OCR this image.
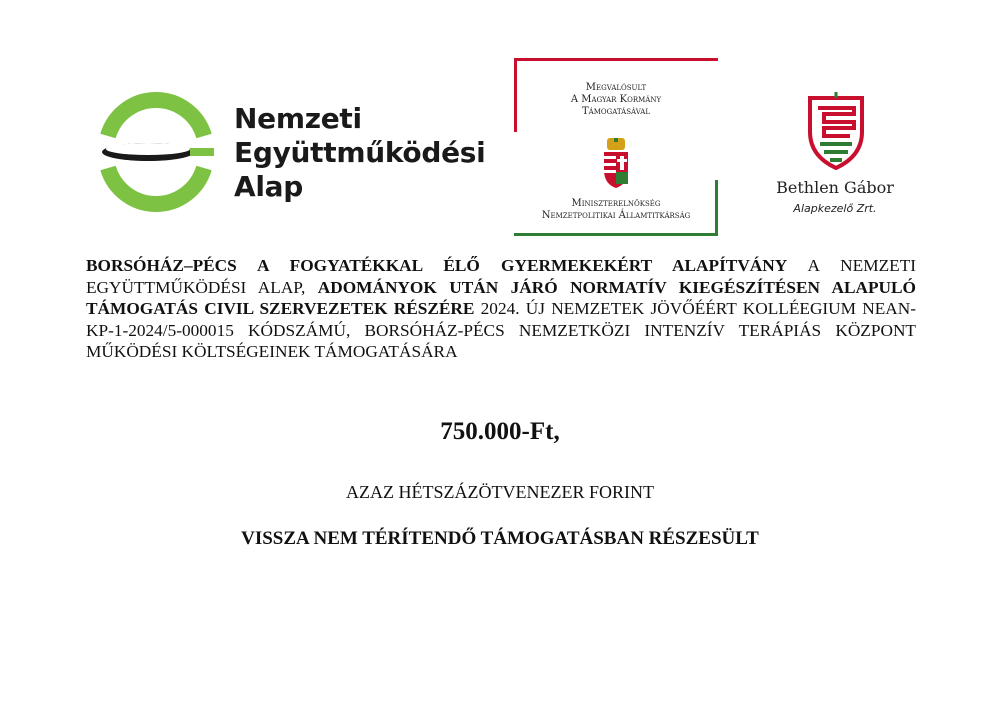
Nemzeti
Együttműködési
Alap
Megvalósult
A Magyar Kormány
Támogatásával
Miniszterelnökség
Nemzetpolitikai Államtitkárság
Bethlen Gábor
Alapkezelő Zrt.
BORSÓHÁZ–PÉCS A FOGYATÉKKAL ÉLŐ GYERMEKEKÉRT ALAPÍTVÁNY A NEMZETI EGYÜTTMŰKÖDÉSI ALAP, ADOMÁNYOK UTÁN JÁRÓ NORMATÍV KIEGÉSZÍTÉSEN ALAPULÓ TÁMOGATÁS CIVIL SZERVEZETEK RÉSZÉRE 2024. ÚJ NEMZETEK JÖVŐÉÉRT KOLLÉEGIUM NEAN-KP-1-2024/5-000015 KÓDSZÁMÚ, BORSÓHÁZ-PÉCS NEMZETKÖZI INTENZÍV TERÁPIÁS KÖZPONT MŰKÖDÉSI KÖLTSÉGEINEK TÁMOGATÁSÁRA
750.000-Ft,
AZAZ HÉTSZÁZÖTVENEZER FORINT
VISSZA NEM TÉRÍTENDŐ TÁMOGATÁSBAN RÉSZESÜLT
